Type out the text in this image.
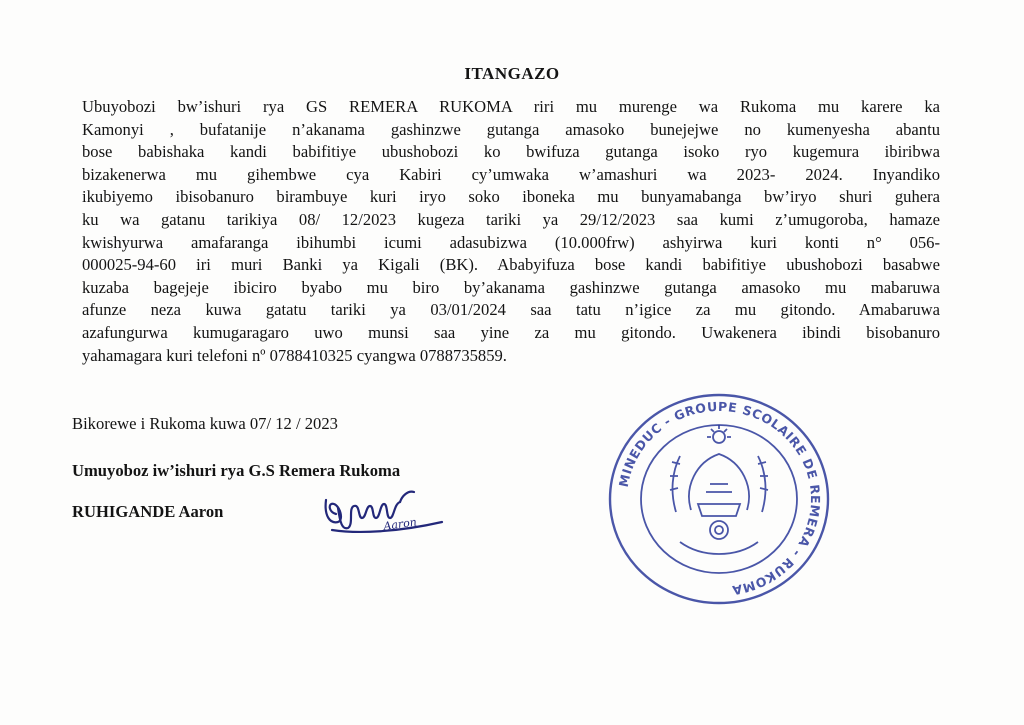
ITANGAZO

Ubuyobozi bw’ishuri rya GS REMERA RUKOMA riri mu murenge wa Rukoma mu karere ka
Kamonyi , bufatanije n’akanama gashinzwe gutanga amasoko bunejejwe no kumenyesha abantu
bose babishaka kandi babifitiye ubushobozi ko bwifuza gutanga isoko ryo kugemura ibiribwa
bizakenerwa mu gihembwe cya Kabiri cy’umwaka w’amashuri wa 2023- 2024. Inyandiko
ikubiyemo ibisobanuro birambuye kuri iryo soko iboneka mu bunyamabanga bw’iryo shuri guhera
ku wa gatanu tarikiya 08/ 12/2023 kugeza tariki ya 29/12/2023 saa kumi z’umugoroba, hamaze
kwishyurwa amafaranga ibihumbi icumi adasubizwa (10.000frw) ashyirwa kuri konti n° 056-
000025-94-60 iri muri Banki ya Kigali (BK). Ababyifuza bose kandi babifitiye ubushobozi basabwe
kuzaba bagejeje ibiciro byabo mu biro by’akanama gashinzwe gutanga amasoko mu mabaruwa
afunze neza kuwa gatatu tariki ya 03/01/2024 saa tatu n’igice za mu gitondo. Amabaruwa
azafungurwa kumugaragaro uwo munsi saa yine za mu gitondo. Uwakenera ibindi bisobanuro
yahamagara kuri telefoni nº 0788410325 cyangwa 0788735859.

Bikorewe i Rukoma kuwa 07/ 12 / 2023
Umuyoboz iw’ishuri rya G.S Remera Rukoma
RUHIGANDE Aaron
Aaron
MINEDUC - GROUPE SCOLAIRE DE REMERA - RUKOMA
